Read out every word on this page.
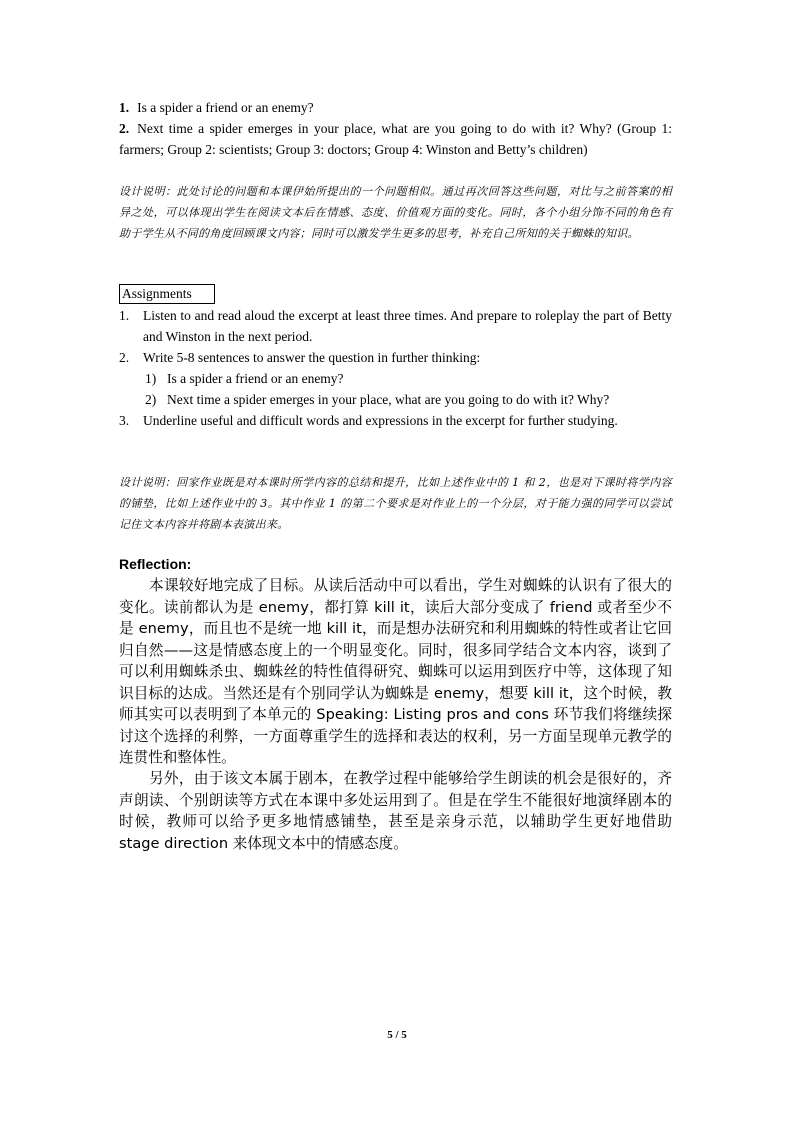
1. Is a spider a friend or an enemy?
2. Next time a spider emerges in your place, what are you going to do with it? Why? (Group 1: farmers; Group 2: scientists; Group 3: doctors; Group 4: Winston and Betty’s children)
设计说明：此处讨论的问题和本课伊始所提出的一个问题相似。通过再次回答这些问题，对比与之前答案的相异之处，可以体现出学生在阅读文本后在情感、态度、价值观方面的变化。同时，各个小组分饰不同的角色有助于学生从不同的角度回顾课文内容；同时可以激发学生更多的思考，补充自己所知的关于蜘蛛的知识。
Assignments
1. Listen to and read aloud the excerpt at least three times. And prepare to roleplay the part of Betty and Winston in the next period.
2. Write 5-8 sentences to answer the question in further thinking:
1) Is a spider a friend or an enemy?
2) Next time a spider emerges in your place, what are you going to do with it? Why?
3. Underline useful and difficult words and expressions in the excerpt for further studying.
设计说明：回家作业既是对本课时所学内容的总结和提升，比如上述作业中的 1 和 2，也是对下课时将学内容的铺垫，比如上述作业中的 3。其中作业 1 的第二个要求是对作业上的一个分层，对于能力强的同学可以尝试记住文本内容并将剧本表演出来。
Reflection:
本课较好地完成了目标。从读后活动中可以看出，学生对蜘蛛的认识有了很大的变化。读前都认为是 enemy，都打算 kill it，读后大部分变成了 friend 或者至少不是 enemy，而且也不是统一地 kill it，而是想办法研究和利用蜘蛛的特性或者让它回归自然——这是情感态度上的一个明显变化。同时，很多同学结合文本内容，谈到了可以利用蜘蛛杀虫、蜘蛛丝的特性值得研究、蜘蛛可以运用到医疗中等，这体现了知识目标的达成。当然还是有个别同学认为蜘蛛是 enemy，想要 kill it，这个时候，教师其实可以表明到了本单元的 Speaking: Listing pros and cons 环节我们将继续探讨这个选择的利弊，一方面尊重学生的选择和表达的权利，另一方面呈现单元教学的连贯性和整体性。
另外，由于该文本属于剧本，在教学过程中能够给学生朗读的机会是很好的，齐声朗读、个别朗读等方式在本课中多处运用到了。但是在学生不能很好地演绎剧本的时候，教师可以给予更多地情感铺垫，甚至是亲身示范，以辅助学生更好地借助 stage direction 来体现文本中的情感态度。
5 / 5
